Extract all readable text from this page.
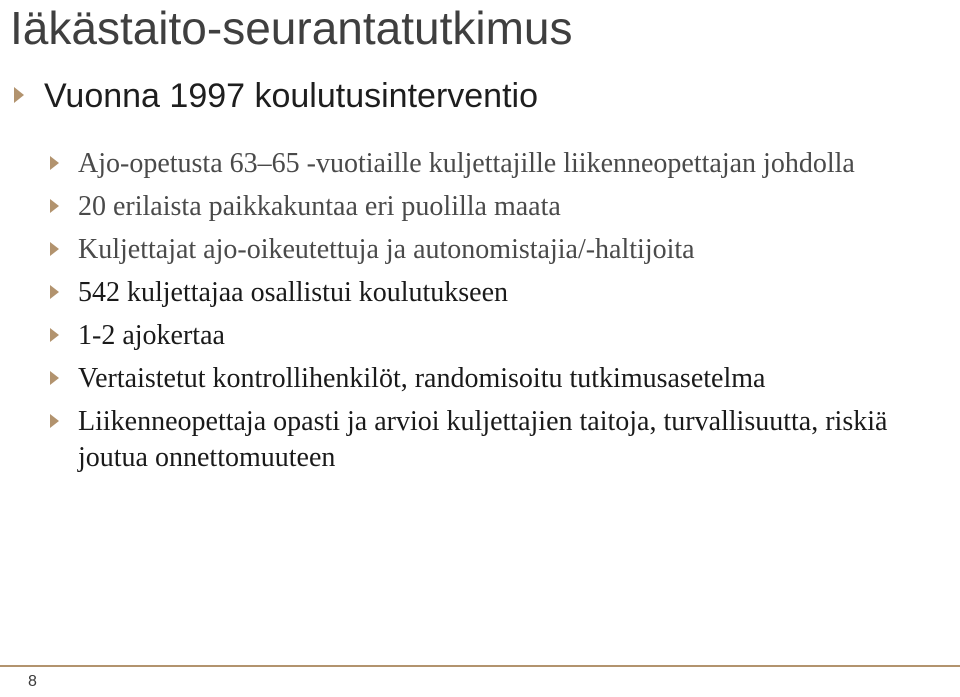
Iäkästaito-seurantatutkimus
Vuonna 1997 koulutusinterventio
Ajo-opetusta 63–65 -vuotiaille kuljettajille liikenneopettajan johdolla
20 erilaista paikkakuntaa eri puolilla maata
Kuljettajat ajo-oikeutettuja ja autonomistajia/-haltijoita
542 kuljettajaa osallistui koulutukseen
1-2 ajokertaa
Vertaistetut kontrollihenkilöt, randomisoitu tutkimusasetelma
Liikenneopettaja opasti ja arvioi kuljettajien taitoja, turvallisuutta, riskiä joutua onnettomuuteen
8
